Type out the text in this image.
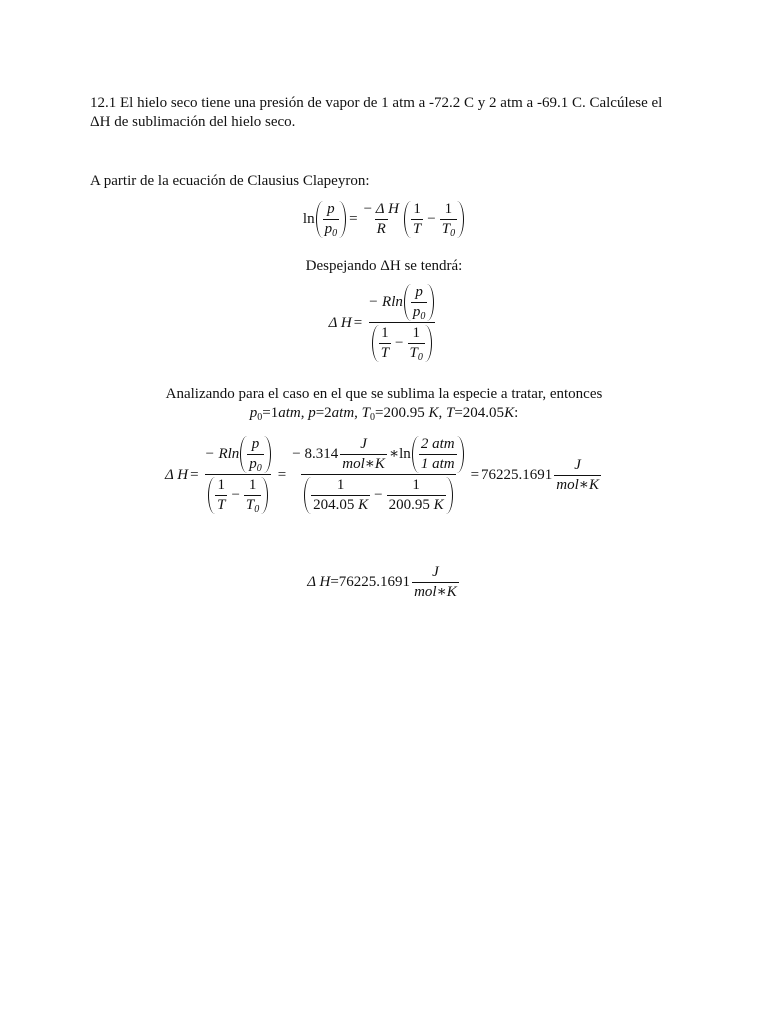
12.1 El hielo seco tiene una presión de vapor de 1 atm a -72.2 C y 2 atm a -69.1 C. Calcúlese el
ΔH de sublimación del hielo seco.
A partir de la ecuación de Clausius Clapeyron:
$\ln \frac{p}{p_0} = \frac{\text{− Δ H}}{R} \frac{1}{T} - \frac{1}{T_0}$
Despejando ΔH se tendrá:
Δ H =
− Rln $\frac{p}{p_0}$
$\frac{1}{T} - \frac{1}{T_0}$
Analizando para el caso en el que se sublima la especie a tratar, entonces
$p_0=1atm$, p=2atm, $T_0=200.95$ K, T=204.05K:
Δ H =
− Rln $\frac{p}{p_0}$
$\frac{1}{T} - \frac{1}{T_0}$
=
− $8.314 \frac{J}{\text{mol∗K}}$ ∗ln $\frac{\text{2 atm}}{\text{1 atm}}$
$\frac{1}{204.05 K} - \frac{1}{200.95 K}$
= $76225.1691 \frac{J}{\text{mol∗K}}$
Δ $H =76225.1691 \frac{J}{\text{mol∗K}}$
